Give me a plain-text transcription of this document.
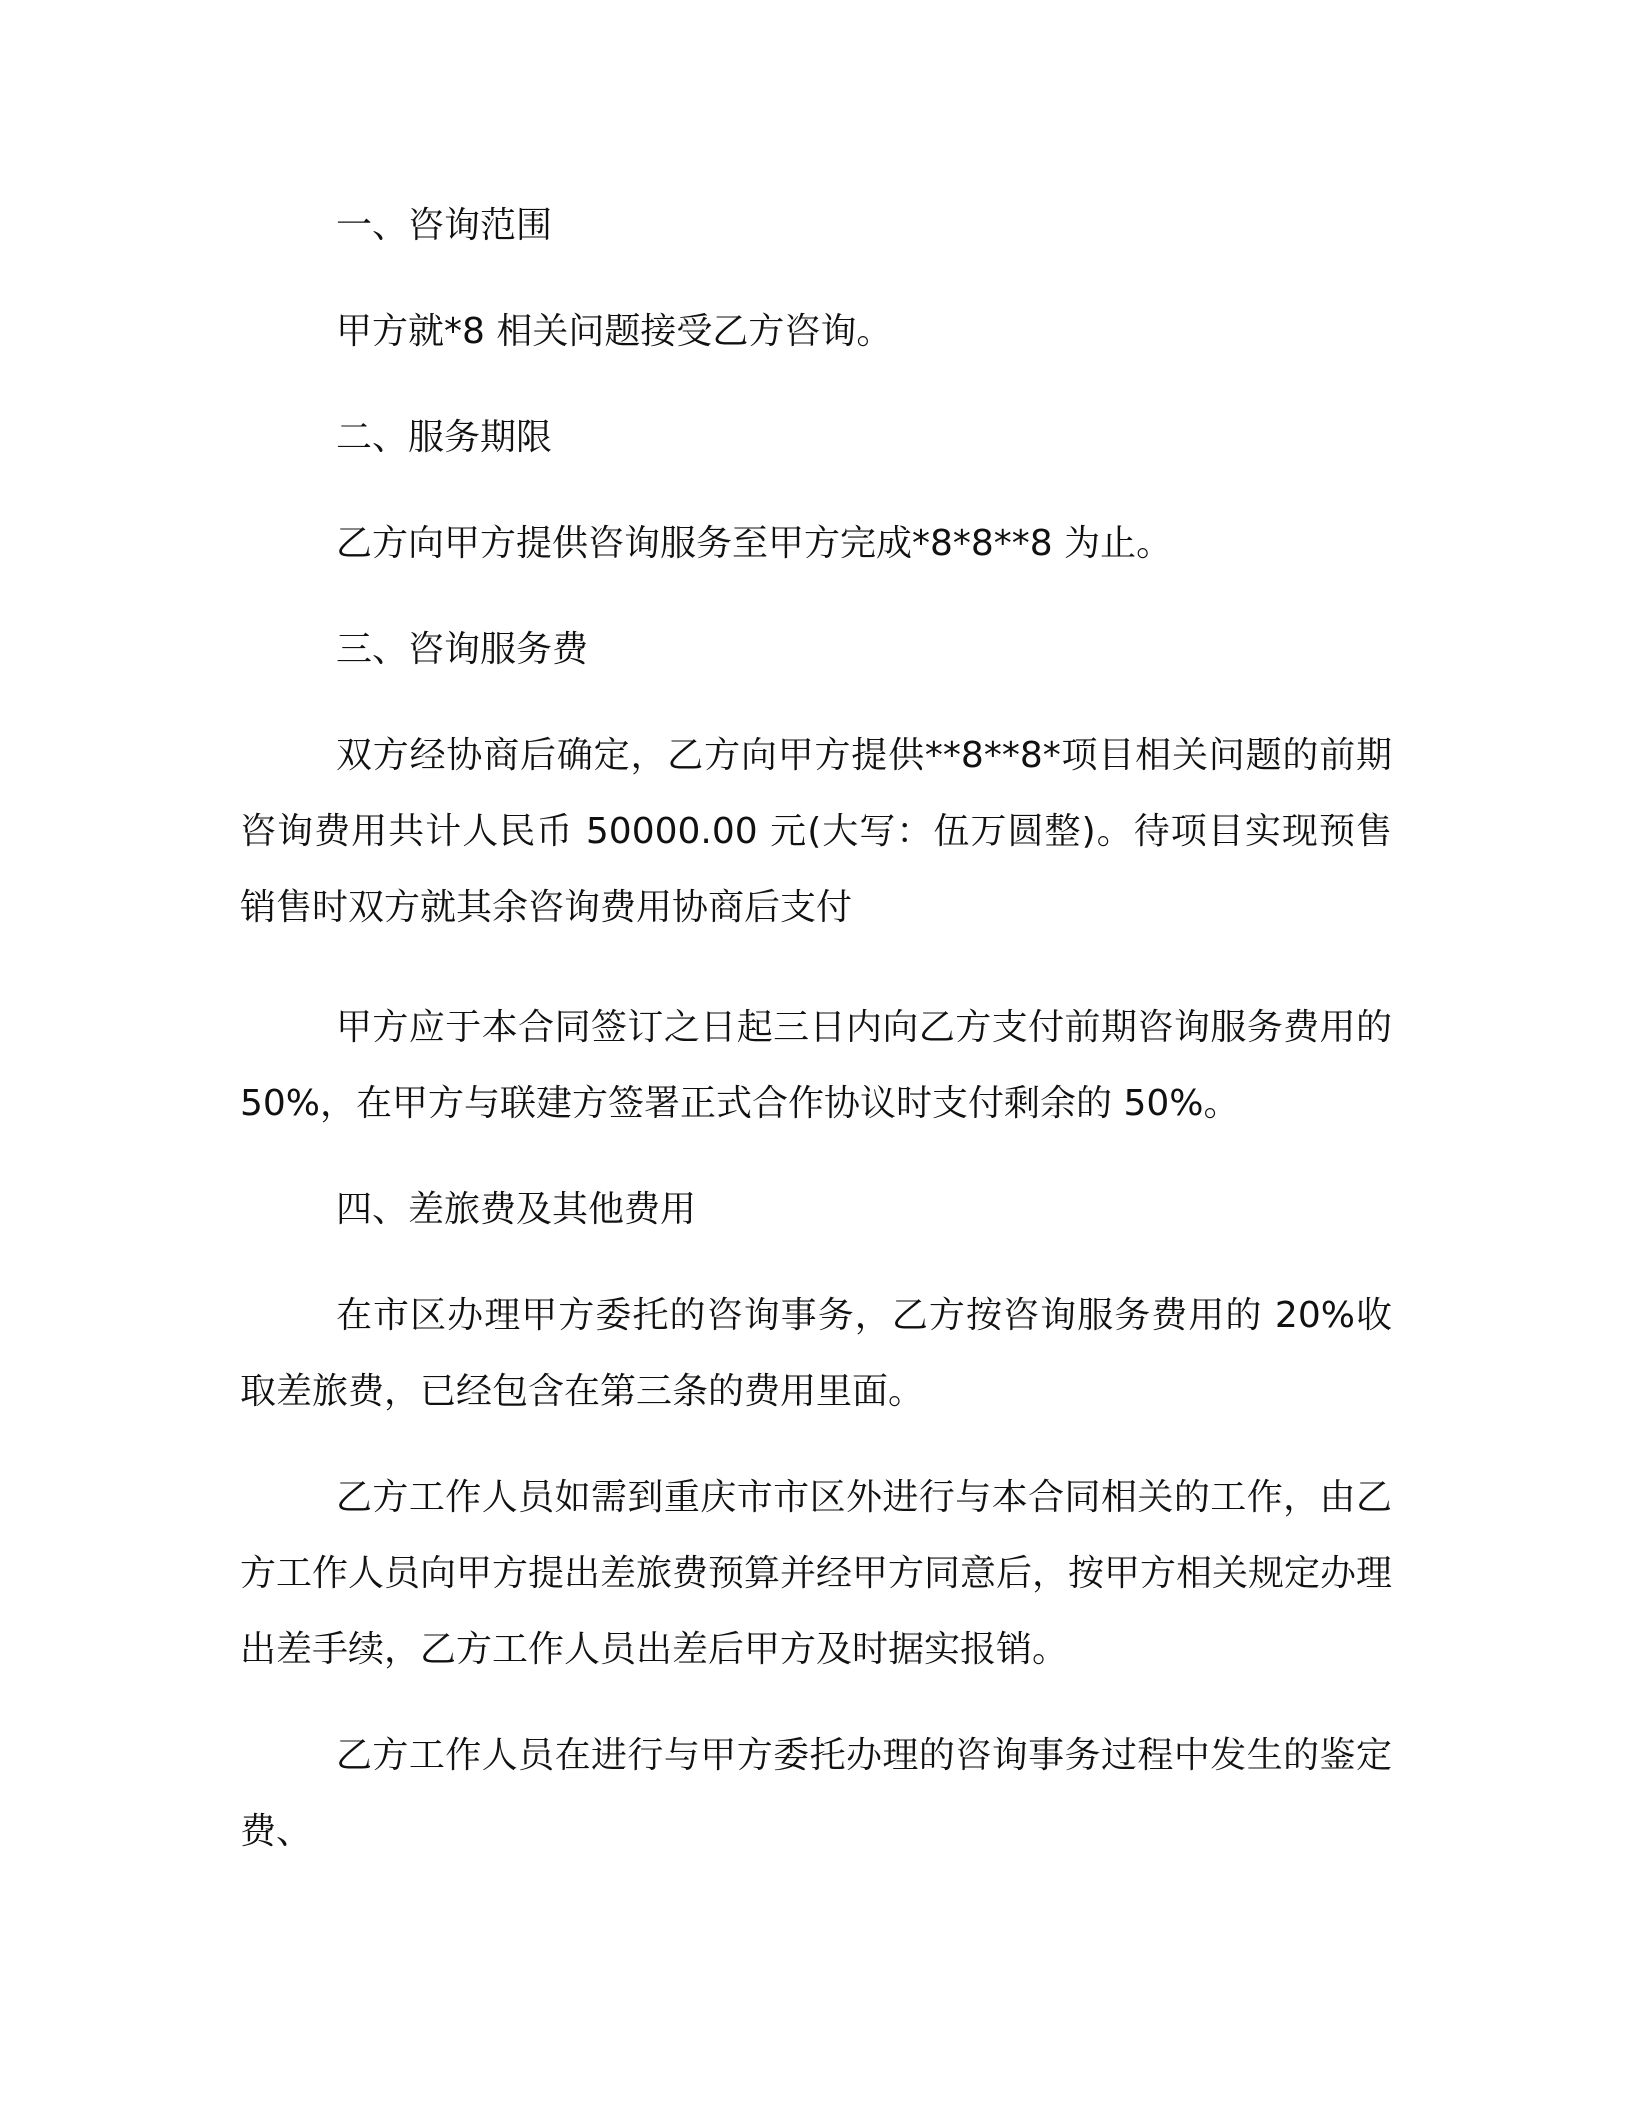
一、咨询范围

甲方就*8 相关问题接受乙方咨询。

二、服务期限

乙方向甲方提供咨询服务至甲方完成*8*8**8 为止。

三、咨询服务费

双方经协商后确定，乙方向甲方提供**8**8*项目相关问题的前期咨询费用共计人民币 50000.00 元(大写：伍万圆整)。待项目实现预售销售时双方就其余咨询费用协商后支付

甲方应于本合同签订之日起三日内向乙方支付前期咨询服务费用的 50%，在甲方与联建方签署正式合作协议时支付剩余的 50%。

四、差旅费及其他费用

在市区办理甲方委托的咨询事务，乙方按咨询服务费用的 20%收取差旅费，已经包含在第三条的费用里面。

乙方工作人员如需到重庆市市区外进行与本合同相关的工作，由乙方工作人员向甲方提出差旅费预算并经甲方同意后，按甲方相关规定办理出差手续，乙方工作人员出差后甲方及时据实报销。

乙方工作人员在进行与甲方委托办理的咨询事务过程中发生的鉴定费、
